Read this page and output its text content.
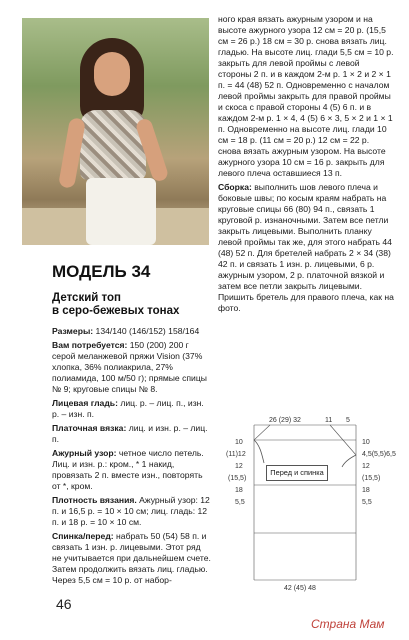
МОДЕЛЬ 34
Детский топ
в серо-бежевых тонах
Размеры: 134/140 (146/152) 158/164
Вам потребуется: 150 (200) 200 г серой меланжевой пряжи Vision (37% хлопка, 36% полиакрила, 27% полиамида, 100 м/50 г); прямые спицы № 9; круговые спицы № 8.
Лицевая гладь: лиц. р. – лиц. п., изн. р. – изн. п.
Платочная вязка: лиц. и изн. р. – лиц. п.
Ажурный узор: четное число петель. Лиц. и изн. р.: кром., * 1 накид, провязать 2 п. вместе изн., повторять от *, кром.
Плотность вязания. Ажурный узор: 12 п. и 16,5 р. = 10 × 10 см; лиц. гладь: 12 п. и 18 р. = 10 × 10 см.
Спинка/перед: набрать 50 (54) 58 п. и связать 1 изн. р. лицевыми. Этот ряд не учитывается при дальнейшем счете. Затем продолжить вязать лиц. гладью. Через 5,5 см = 10 р. от набор-
ного края вязать ажурным узором и на высоте ажурного узора 12 см = 20 р. (15,5 см = 26 р.) 18 см = 30 р. снова вязать лиц. гладью. На высоте лиц. глади 5,5 см = 10 р. закрыть для левой проймы с левой стороны 2 п. и в каждом 2-м р. 1 × 2 и 2 × 1 п. = 44 (48) 52 п. Одновременно с началом левой проймы закрыть для правой проймы и скоса с правой стороны 4 (5) 6 п. и в каждом 2-м р. 1 × 4, 4 (5) 6 × 3, 5 × 2 и 1 × 1 п. Одновременно на высоте лиц. глади 10 см = 18 р. (11 см = 20 р.) 12 см = 22 р. снова вязать ажурным узором. На высоте ажурного узора 10 см = 16 р. закрыть для левого плеча оставшиеся 13 п.
Сборка: выполнить шов левого плеча и боковые швы; по косым краям набрать на круговые спицы 66 (80) 94 п., связать 1 круговой р. изнаночными. Затем все петли закрыть лицевыми. Выполнить планку левой проймы так же, для этого набрать 44 (48) 52 п. Для бретелей набрать 2 × 34 (38) 42 п. и связать 1 изн. р. лицевыми, 6 р. ажурным узором, 2 р. платочной вязкой и затем все петли закрыть лицевыми. Пришить бретель для правого плеча, как на фото.
26 (29) 32	11 5
10
(11)12
12
(15,5)
18
5,5
10
4,5(5,5)6,5
12
(15,5)
18
5,5
Перед и спинка
42 (45) 48
46
Страна Мам
